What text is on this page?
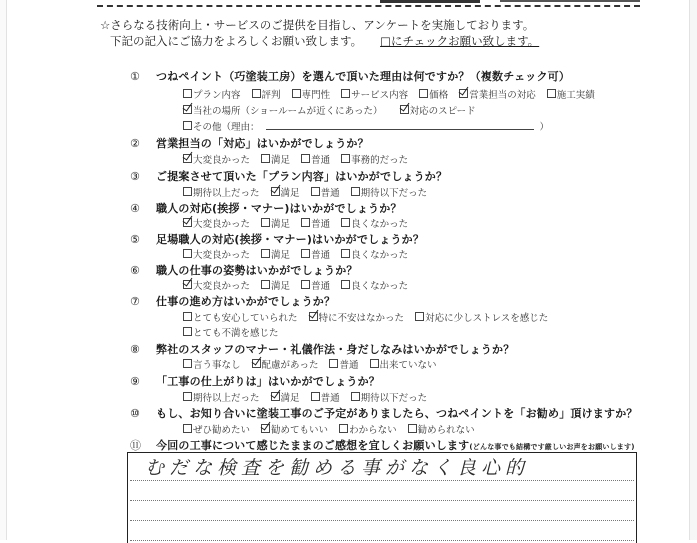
☆さらなる技術向上・サービスのご提供を目指し、アンケートを実施しております。
下記の記入にご協力をよろしくお願い致します。 □にチェックお願い致します。
① つねペイント（巧塗装工房）を選んで頂いた理由は何ですか？（複数チェック可）
プラン内容 評判 専門性 サービス内容 価格 営業担当の対応 施工実績
当社の場所（ショールームが近くにあった）	対応のスピード
その他（理由：	）
② 営業担当の「対応」はいかがでしょうか？
大変良かった 満足 普通 事務的だった
③ ご提案させて頂いた「プラン内容」はいかがでしょうか？
期待以上だった 満足 普通 期待以下だった
④ 職人の対応(挨拶・マナー)はいかがでしょうか？
大変良かった 満足 普通 良くなかった
⑤ 足場職人の対応(挨拶・マナー)はいかがでしょうか？
大変良かった 満足 普通 良くなかった
⑥ 職人の仕事の姿勢はいかがでしょうか？
大変良かった 満足 普通 良くなかった
⑦ 仕事の進め方はいかがでしょうか？
とても安心していられた 特に不安はなかった 対応に少しストレスを感じた
とても不満を感じた
⑧ 弊社のスタッフのマナー・礼儀作法・身だしなみはいかがでしょうか？
言う事なし 配慮があった 普通 出来ていない
⑨ 「工事の仕上がりは」はいかがでしょうか？
期待以上だった 満足 普通 期待以下だった
⑩ もし、お知り合いに塗装工事のご予定がありましたら、つねペイントを「お勧め」頂けますか？
ぜひ勧めたい 勧めてもいい わからない 勧められない
⑪ 今回の工事について感じたままのご感想を宜しくお願いします(どんな事でも結構です厳しいお声をお願いします)
むだな検査を勧める事がなく良心的
